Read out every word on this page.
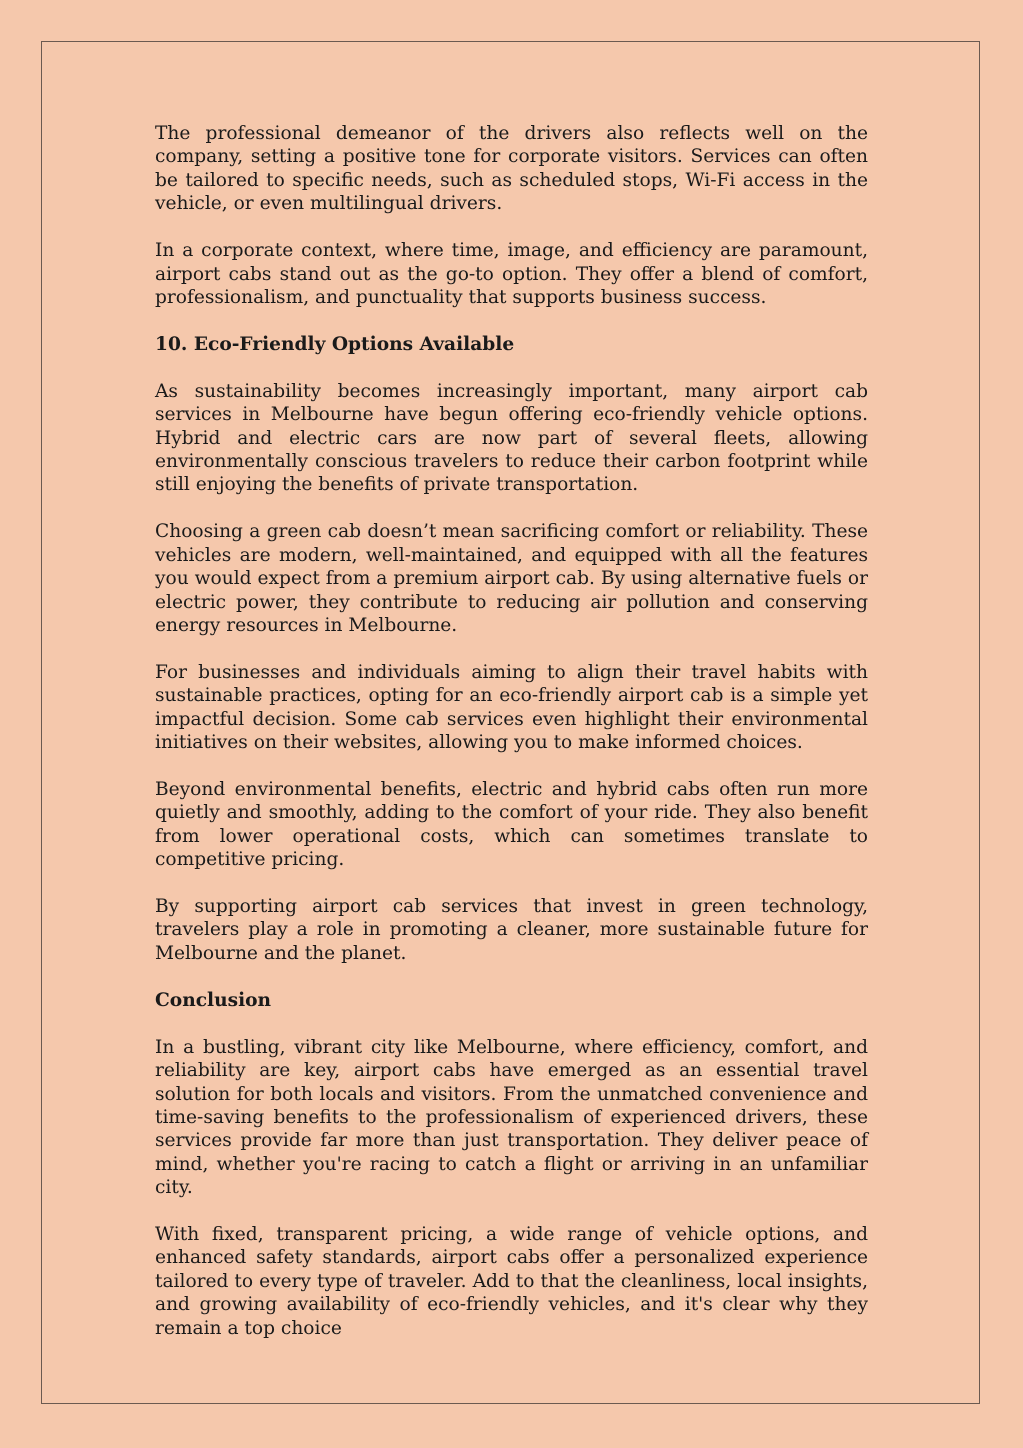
The professional demeanor of the drivers also reflects well on the company, setting a positive tone for corporate visitors. Services can often be tailored to specific needs, such as scheduled stops, Wi-Fi access in the vehicle, or even multilingual drivers.

In a corporate context, where time, image, and efficiency are paramount, airport cabs stand out as the go-to option. They offer a blend of comfort, professionalism, and punctuality that supports business success.

10. Eco-Friendly Options Available

As sustainability becomes increasingly important, many airport cab services in Melbourne have begun offering eco-friendly vehicle options. Hybrid and electric cars are now part of several fleets, allowing environmentally conscious travelers to reduce their carbon footprint while still enjoying the benefits of private transportation.

Choosing a green cab doesn’t mean sacrificing comfort or reliability. These vehicles are modern, well-maintained, and equipped with all the features you would expect from a premium airport cab. By using alternative fuels or electric power, they contribute to reducing air pollution and conserving energy resources in Melbourne.

For businesses and individuals aiming to align their travel habits with sustainable practices, opting for an eco-friendly airport cab is a simple yet impactful decision. Some cab services even highlight their environmental initiatives on their websites, allowing you to make informed choices.

Beyond environmental benefits, electric and hybrid cabs often run more quietly and smoothly, adding to the comfort of your ride. They also benefit from lower operational costs, which can sometimes translate to competitive pricing.

By supporting airport cab services that invest in green technology, travelers play a role in promoting a cleaner, more sustainable future for Melbourne and the planet.

Conclusion

In a bustling, vibrant city like Melbourne, where efficiency, comfort, and reliability are key, airport cabs have emerged as an essential travel solution for both locals and visitors. From the unmatched convenience and time-saving benefits to the professionalism of experienced drivers, these services provide far more than just transportation. They deliver peace of mind, whether you're racing to catch a flight or arriving in an unfamiliar city.

With fixed, transparent pricing, a wide range of vehicle options, and enhanced safety standards, airport cabs offer a personalized experience tailored to every type of traveler. Add to that the cleanliness, local insights, and growing availability of eco-friendly vehicles, and it's clear why they remain a top choice
